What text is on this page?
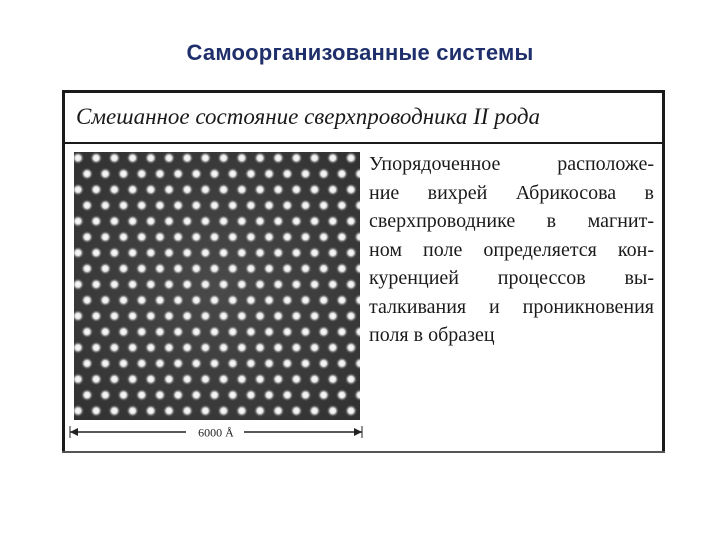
Самоорганизованные системы
Смешанное состояние сверхпроводника II рода
6000 Å
Упорядоченное расположе-
ние вихрей Абрикосова в
сверхпроводнике в магнит-
ном поле определяется кон-
куренцией процессов вы-
талкивания и проникновения
поля в образец
